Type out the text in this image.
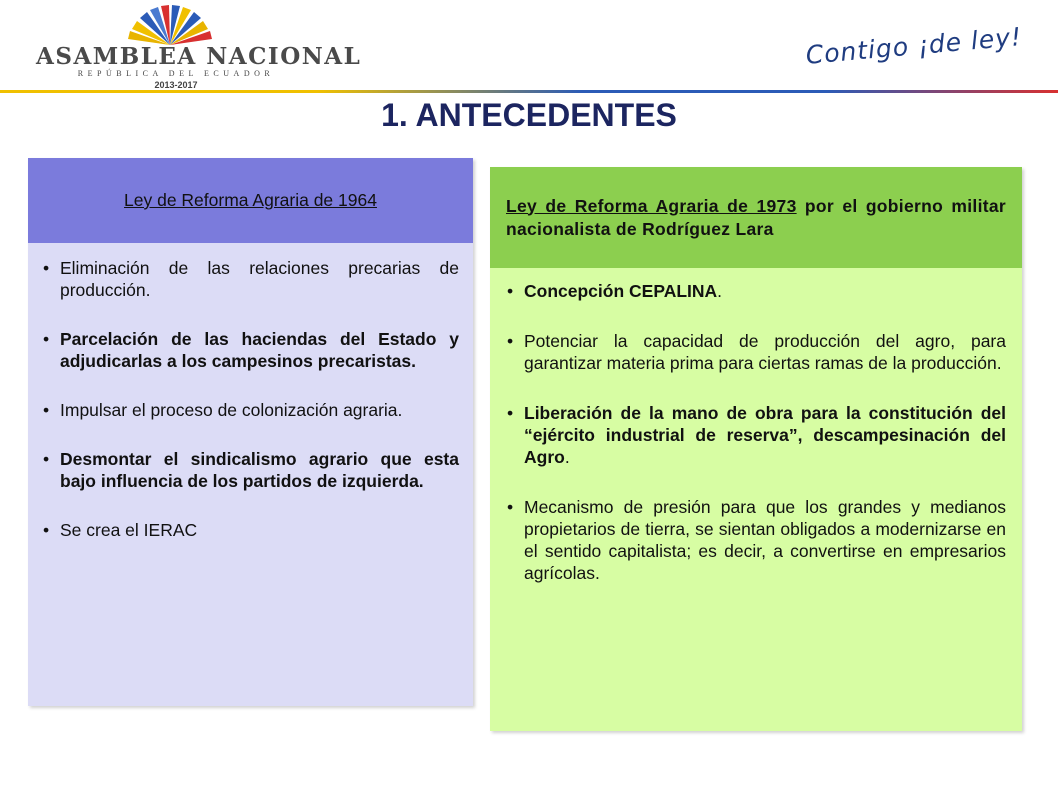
ASAMBLEA NACIONAL
REPÚBLICA DEL ECUADOR
2013-2017
Contigo ¡de ley!
1. ANTECEDENTES
Ley de Reforma Agraria de 1964
• Eliminación de las relaciones precarias de producción.
• Parcelación de las haciendas del Estado y adjudicarlas a los campesinos precaristas.
• Impulsar el proceso de colonización agraria.
• Desmontar el sindicalismo agrario que esta bajo influencia de los partidos de izquierda.
• Se crea el IERAC
Ley de Reforma Agraria de 1973 por el gobierno militar nacionalista de Rodríguez Lara
• Concepción CEPALINA.
• Potenciar la capacidad de producción del agro, para garantizar materia prima para ciertas ramas de la producción.
• Liberación de la mano de obra para la constitución del “ejército industrial de reserva”, descampesinación del Agro.
• Mecanismo de presión para que los grandes y medianos propietarios de tierra, se sientan obligados a modernizarse en el sentido capitalista; es decir, a convertirse en empresarios agrícolas.
